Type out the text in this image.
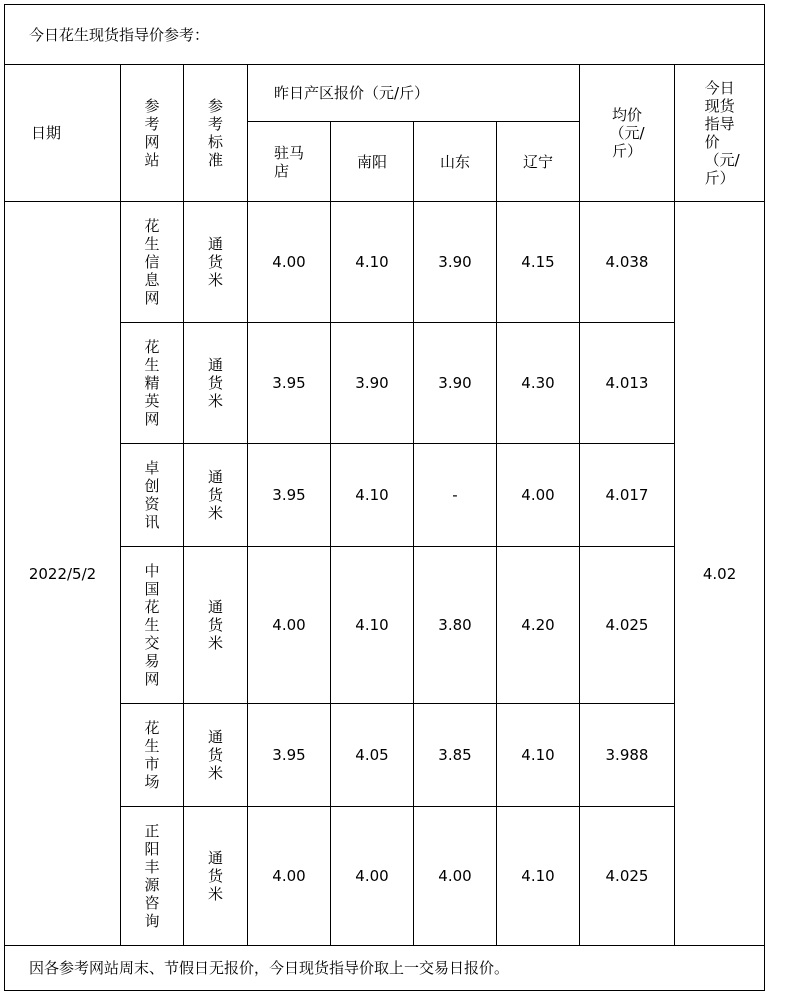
今日花生现货指导价参考：								
日期	参考网站	参考标准	昨日产区报价（元/斤）				均价（元/斤）	今日现货指导价（元/斤）
			驻马店	南阳	山东	辽宁		
2022/5/2	花生信息网	通货米	4.00	4.10	3.90	4.15	4.038	4.02
	花生精英网	通货米	3.95	3.90	3.90	4.30	4.013	
	卓创资讯	通货米	3.95	4.10	-	4.00	4.017	
	中国花生交易网	通货米	4.00	4.10	3.80	4.20	4.025	
	花生市场	通货米	3.95	4.05	3.85	4.10	3.988	
	正阳丰源咨询	通货米	4.00	4.00	4.00	4.10	4.025	
因各参考网站周末、节假日无报价，今日现货指导价取上一交易日报价。								
